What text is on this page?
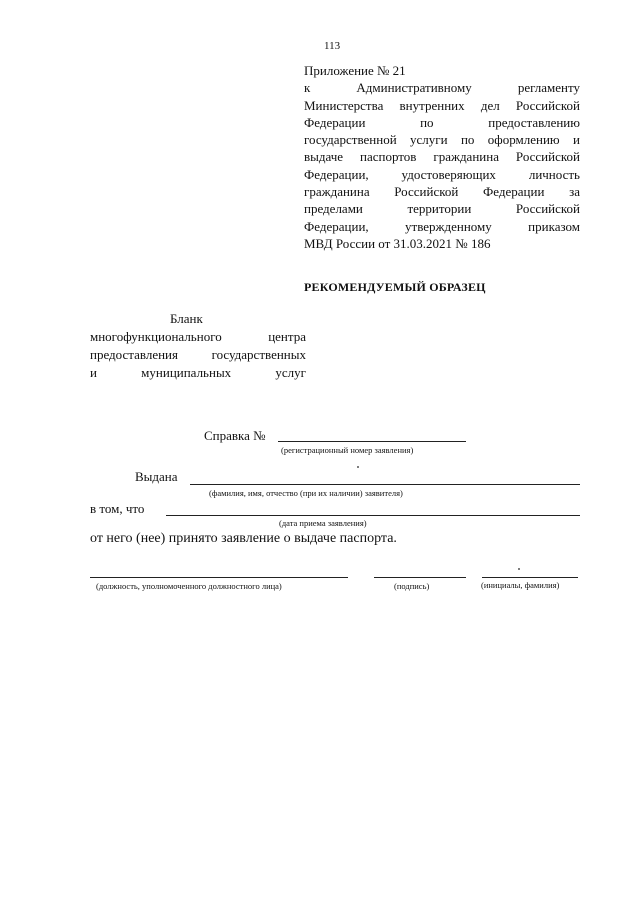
113
Приложение № 21
к	Административному	регламенту
Министерства внутренних дел Российской
Федерации	по	предоставлению
государственной услуги по оформлению и
выдаче паспортов гражданина Российской
Федерации,	удостоверяющих	личность
гражданина Российской Федерации за
пределами	территории	Российской
Федерации,	утвержденному	приказом
МВД России от 31.03.2021 № 186
РЕКОМЕНДУЕМЫЙ ОБРАЗЕЦ
Бланк
многофункционального	центра
предоставления	государственных
и	муниципальных	услуг
Справка №
(регистрационный номер заявления)
Выдана
(фамилия, имя, отчество (при их наличии) заявителя)
в том, что
(дата приема заявления)
от него (нее) принято заявление о выдаче паспорта.
(должность, уполномоченного должностного лица)	(подпись)	(инициалы, фамилия)
